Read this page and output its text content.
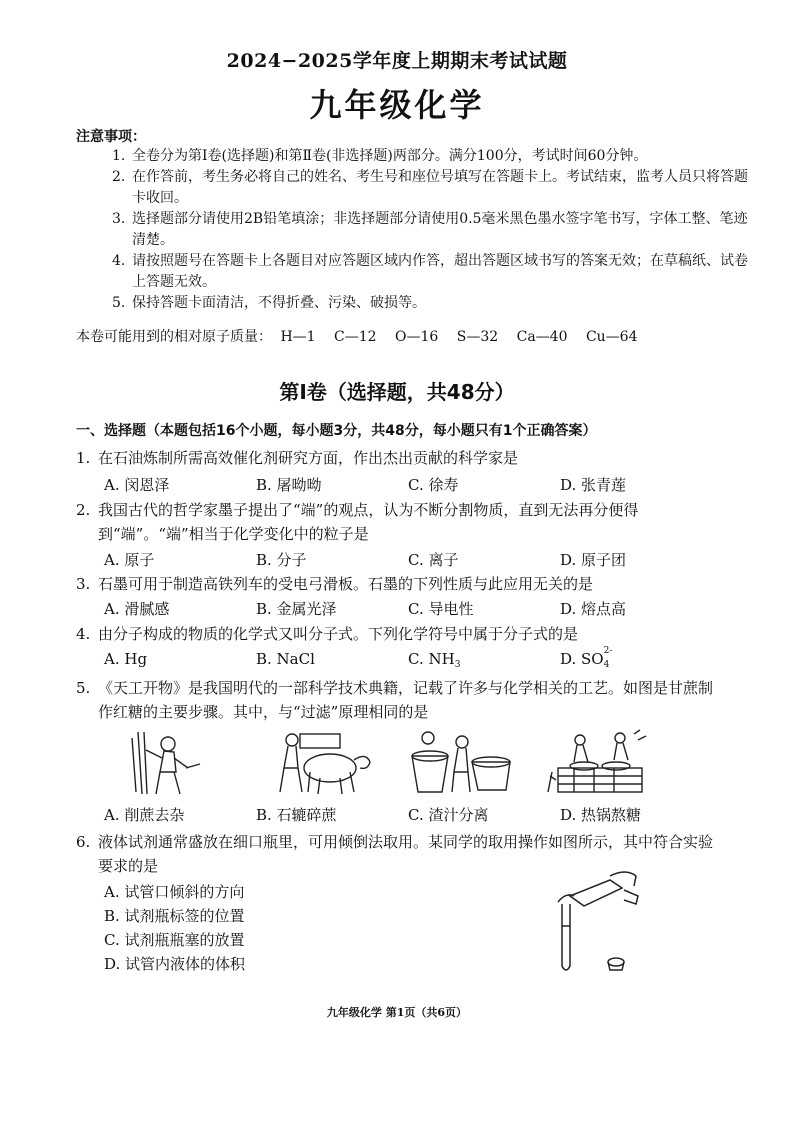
2024−2025学年度上期期末考试试题
九年级化学
注意事项：
1. 全卷分为第Ⅰ卷(选择题)和第Ⅱ卷(非选择题)两部分。满分100分，考试时间60分钟。
2. 在作答前，考生务必将自己的姓名、考生号和座位号填写在答题卡上。考试结束，监考人员只将答题卡收回。
3. 选择题部分请使用2B铅笔填涂；非选择题部分请使用0.5毫米黑色墨水签字笔书写，字体工整、笔迹清楚。
4. 请按照题号在答题卡上各题目对应答题区域内作答，超出答题区域书写的答案无效；在草稿纸、试卷上答题无效。
5. 保持答题卡面清洁，不得折叠、污染、破损等。
本卷可能用到的相对原子质量： H—1 C—12 O—16 S—32 Ca—40 Cu—64
第Ⅰ卷（选择题，共48分）
一、选择题（本题包括16个小题，每小题3分，共48分，每小题只有1个正确答案）
1. 在石油炼制所需高效催化剂研究方面，作出杰出贡献的科学家是
A. 闵恩泽	B. 屠呦呦	C. 徐寿	D. 张青莲
2. 我国古代的哲学家墨子提出了“端”的观点，认为不断分割物质，直到无法再分便得到“端”。“端”相当于化学变化中的粒子是
A. 原子	B. 分子	C. 离子	D. 原子团
3. 石墨可用于制造高铁列车的受电弓滑板。石墨的下列性质与此应用无关的是
A. 滑腻感	B. 金属光泽	C. 导电性	D. 熔点高
4. 由分子构成的物质的化学式又叫分子式。下列化学符号中属于分子式的是
A. Hg	B. NaCl	C. $NH_3$	D. SO 2-
4
5. 《天工开物》是我国明代的一部科学技术典籍，记载了许多与化学相关的工艺。如图是甘蔗制作红糖的主要步骤。其中，与“过滤”原理相同的是
A. 削蔗去杂	B. 石辘碎蔗	C. 渣汁分离	D. 热锅熬糖
6. 液体试剂通常盛放在细口瓶里，可用倾倒法取用。某同学的取用操作如图所示，其中符合实验要求的是
A. 试管口倾斜的方向
B. 试剂瓶标签的位置
C. 试剂瓶瓶塞的放置
D. 试管内液体的体积
九年级化学 第1页（共6页）
